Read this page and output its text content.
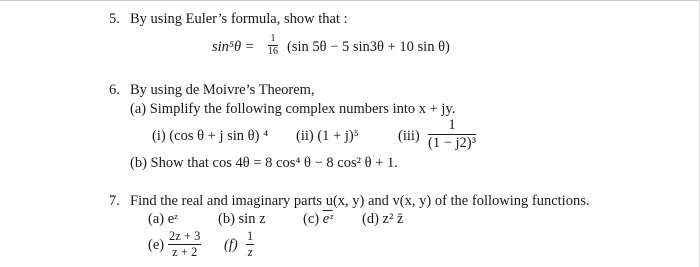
5. By using Euler’s formula, show that :
$\sin^5\theta = \frac{1}{16} (\sin$ 5θ − 5 sin3θ + 10 sin θ)
6. By using de Moivre’s Theorem,
(a) Simplify the following complex numbers into x + jy.
(i) (cos θ + j sin θ) ⁴ (ii) (1 + j)⁵	$(iii) \frac{1}{\text{(1 − j2)³}}$
(b) Show that cos 4θ = 8 cos⁴ θ − 8 cos² θ + 1.
7. Find the real and imaginary parts u(x, y) and v(x, y) of the following functions.
(a) eᶻ	(b) sin z	(c) $\overline{eᶻ}$ (d) z² z̄
$(e) \frac{2z + 3}{z + 2} (f) \frac{1}{z}$
